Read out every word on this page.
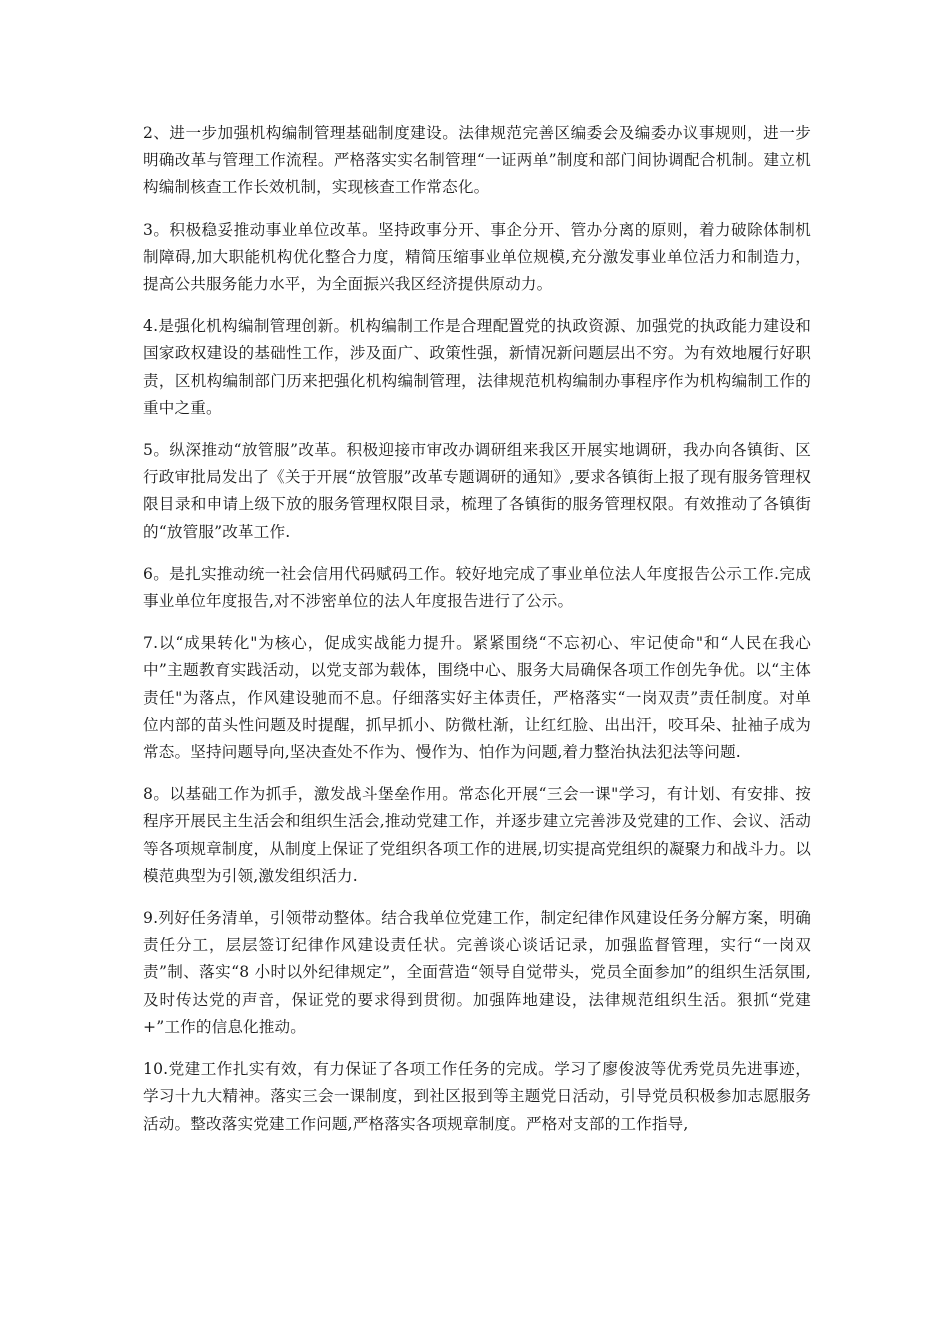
2、进一步加强机构编制管理基础制度建设。法律规范完善区编委会及编委办议事规则，进一步明确改革与管理工作流程。严格落实实名制管理“一证两单”制度和部门间协调配合机制。建立机构编制核查工作长效机制，实现核查工作常态化。

3。积极稳妥推动事业单位改革。坚持政事分开、事企分开、管办分离的原则，着力破除体制机制障碍,加大职能机构优化整合力度，精简压缩事业单位规模,充分激发事业单位活力和制造力，提高公共服务能力水平，为全面振兴我区经济提供原动力。

4.是强化机构编制管理创新。机构编制工作是合理配置党的执政资源、加强党的执政能力建设和国家政权建设的基础性工作，涉及面广、政策性强，新情况新问题层出不穷。为有效地履行好职责，区机构编制部门历来把强化机构编制管理，法律规范机构编制办事程序作为机构编制工作的重中之重。

5。纵深推动“放管服”改革。积极迎接市审改办调研组来我区开展实地调研，我办向各镇街、区行政审批局发出了《关于开展“放管服”改革专题调研的通知》,要求各镇街上报了现有服务管理权限目录和申请上级下放的服务管理权限目录，梳理了各镇街的服务管理权限。有效推动了各镇街的“放管服”改革工作.

6。是扎实推动统一社会信用代码赋码工作。较好地完成了事业单位法人年度报告公示工作.完成事业单位年度报告,对不涉密单位的法人年度报告进行了公示。

7.以“成果转化"为核心，促成实战能力提升。紧紧围绕“不忘初心、牢记使命"和“人民在我心中”主题教育实践活动，以党支部为载体，围绕中心、服务大局确保各项工作创先争优。以“主体责任"为落点，作风建设驰而不息。仔细落实好主体责任，严格落实“一岗双责”责任制度。对单位内部的苗头性问题及时提醒，抓早抓小、防微杜渐，让红红脸、出出汗，咬耳朵、扯袖子成为常态。坚持问题导向,坚决查处不作为、慢作为、怕作为问题,着力整治执法犯法等问题.

8。以基础工作为抓手，激发战斗堡垒作用。常态化开展“三会一课"学习，有计划、有安排、按程序开展民主生活会和组织生活会,推动党建工作，并逐步建立完善涉及党建的工作、会议、活动等各项规章制度，从制度上保证了党组织各项工作的进展,切实提高党组织的凝聚力和战斗力。以模范典型为引领,激发组织活力.

9.列好任务清单，引领带动整体。结合我单位党建工作，制定纪律作风建设任务分解方案，明确责任分工，层层签订纪律作风建设责任状。完善谈心谈话记录，加强监督管理，实行“一岗双责”制、落实“8 小时以外纪律规定”，全面营造“领导自觉带头，党员全面参加”的组织生活氛围,及时传达党的声音，保证党的要求得到贯彻。加强阵地建设，法律规范组织生活。狠抓“党建+”工作的信息化推动。

10.党建工作扎实有效，有力保证了各项工作任务的完成。学习了廖俊波等优秀党员先进事迹，学习十九大精神。落实三会一课制度，到社区报到等主题党日活动，引导党员积极参加志愿服务活动。整改落实党建工作问题,严格落实各项规章制度。严格对支部的工作指导,
